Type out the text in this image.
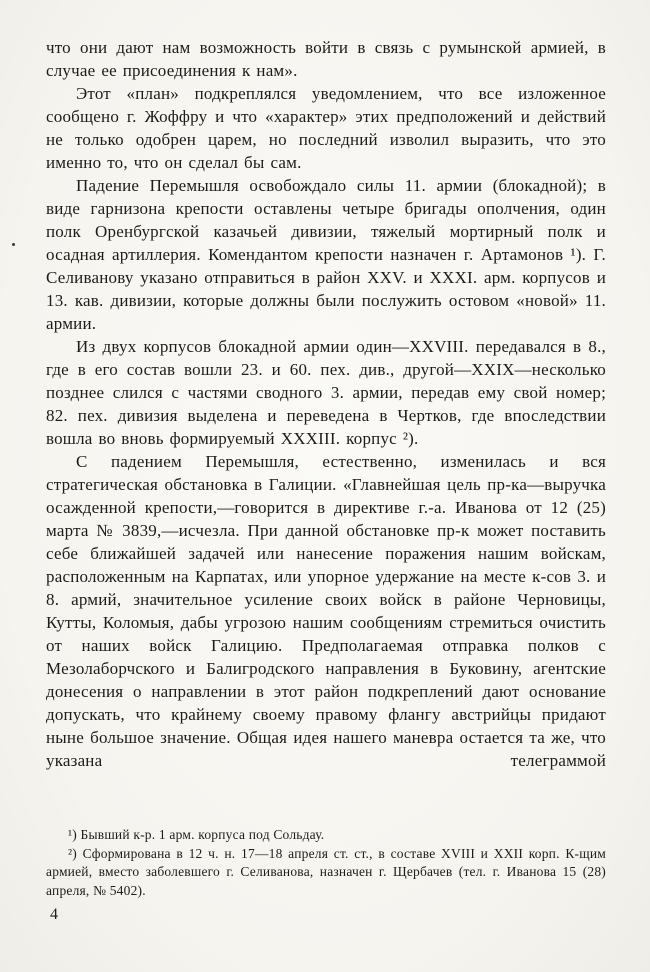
что они дают нам возможность войти в связь с румынской армией, в случае ее присоединения к нам».

Этот «план» подкреплялся уведомлением, что все изложенное сообщено г. Жоффру и что «характер» этих предположений и действий не только одобрен царем, но последний изволил выразить, что это именно то, что он сделал бы сам.

Падение Перемышля освобождало силы 11. армии (блокадной); в виде гарнизона крепости оставлены четыре бригады ополчения, один полк Оренбургской казачьей дивизии, тяжелый мортирный полк и осадная артиллерия. Комендантом крепости назначен г. Артамонов ¹). Г. Селиванову указано отправиться в район XXV. и XXXI. арм. корпусов и 13. кав. дивизии, которые должны были послужить остовом «новой» 11. армии.

Из двух корпусов блокадной армии один—XXVIII. передавался в 8., где в его состав вошли 23. и 60. пех. див., другой—XXIX—несколько позднее слился с частями сводного 3. армии, передав ему свой номер; 82. пех. дивизия выделена и переведена в Чертков, где впоследствии вошла во вновь формируемый XXXIII. корпус ²).

С падением Перемышля, естественно, изменилась и вся стратегическая обстановка в Галиции. «Главнейшая цель пр-ка—выручка осажденной крепости,—говорится в директиве г.-а. Иванова от 12 (25) марта № 3839,—исчезла. При данной обстановке пр-к может поставить себе ближайшей задачей или нанесение поражения нашим войскам, расположенным на Карпатах, или упорное удержание на месте к-сов 3. и 8. армий, значительное усиление своих войск в районе Черновицы, Кутты, Коломыя, дабы угрозою нашим сообщениям стремиться очистить от наших войск Галицию. Предполагаемая отправка полков с Мезолаборчского и Балигродского направления в Буковину, агентские донесения о направлении в этот район подкреплений дают основание допускать, что крайнему своему правому флангу австрийцы придают ныне большое значение. Общая идея нашего маневра остается та же, что указана телеграммой

¹) Бывший к-р. 1 арм. корпуса под Сольдау.

²) Сформирована в 12 ч. н. 17—18 апреля ст. ст., в составе XVIII и XXII корп. К-щим армией, вместо заболевшего г. Селиванова, назначен г. Щербачев (тел. г. Иванова 15 (28) апреля, № 5402).

4
